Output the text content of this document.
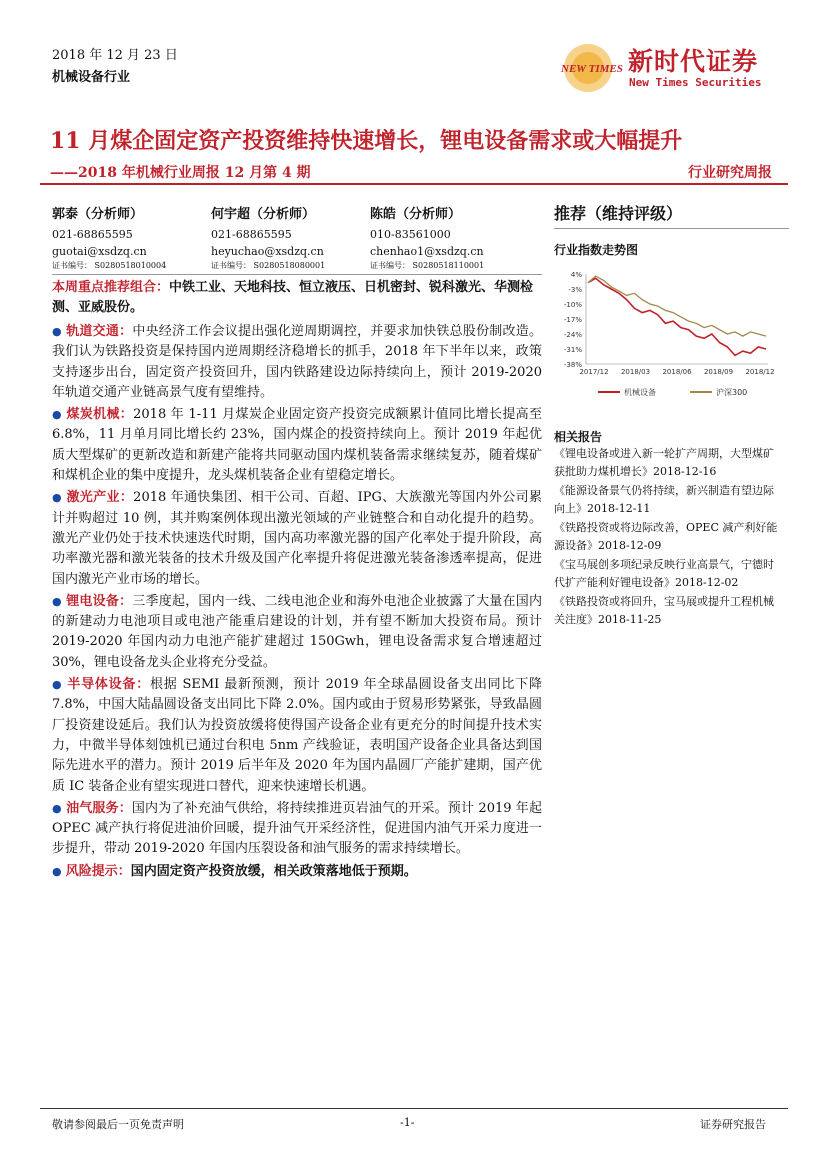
2018 年 12 月 23 日
机械设备行业
NEW TIMES 新时代证券
New Times Securities
11 月煤企固定资产投资维持快速增长，锂电设备需求或大幅提升
——2018 年机械行业周报 12 月第 4 期	行业研究周报
郭泰（分析师）
021-68865595
guotai@xsdzq.cn
证书编号： S0280518010004
何宇超（分析师）
021-68865595
heyuchao@xsdzq.cn
证书编号： S0280518080001
陈皓（分析师）
010-83561000
chenhao1@xsdzq.cn
证书编号： S0280518110001
本周重点推荐组合：中铁工业、天地科技、恒立液压、日机密封、锐科激光、华测检测、亚威股份。

● 轨道交通：中央经济工作会议提出强化逆周期调控，并要求加快铁总股份制改造。我们认为铁路投资是保持国内逆周期经济稳增长的抓手，2018 年下半年以来，政策支持逐步出台，固定资产投资回升，国内铁路建设边际持续向上，预计 2019-2020 年轨道交通产业链高景气度有望维持。

● 煤炭机械：2018 年 1-11 月煤炭企业固定资产投资完成额累计值同比增长提高至 6.8%，11 月单月同比增长约 23%，国内煤企的投资持续向上。预计 2019 年起优质大型煤矿的更新改造和新建产能将共同驱动国内煤机装备需求继续复苏，随着煤矿和煤机企业的集中度提升，龙头煤机装备企业有望稳定增长。

● 激光产业：2018 年通快集团、相干公司、百超、IPG、大族激光等国内外公司累计并购超过 10 例，其并购案例体现出激光领域的产业链整合和自动化提升的趋势。激光产业仍处于技术快速迭代时期，国内高功率激光器的国产化率处于提升阶段，高功率激光器和激光装备的技术升级及国产化率提升将促进激光装备渗透率提高，促进国内激光产业市场的增长。

● 锂电设备：三季度起，国内一线、二线电池企业和海外电池企业披露了大量在国内的新建动力电池项目或电池产能重启建设的计划，并有望不断加大投资布局。预计 2019-2020 年国内动力电池产能扩建超过 150Gwh，锂电设备需求复合增速超过 30%，锂电设备龙头企业将充分受益。

● 半导体设备：根据 SEMI 最新预测，预计 2019 年全球晶圆设备支出同比下降 7.8%，中国大陆晶圆设备支出同比下降 2.0%。国内或由于贸易形势紧张，导致晶圆厂投资建设延后。我们认为投资放缓将使得国产设备企业有更充分的时间提升技术实力，中微半导体刻蚀机已通过台积电 5nm 产线验证，表明国产设备企业具备达到国际先进水平的潜力。预计 2019 后半年及 2020 年为国内晶圆厂产能扩建期，国产优质 IC 装备企业有望实现进口替代，迎来快速增长机遇。

● 油气服务：国内为了补充油气供给，将持续推进页岩油气的开采。预计 2019 年起 OPEC 减产执行将促进油价回暖，提升油气开采经济性，促进国内油气开采力度进一步提升，带动 2019-2020 年国内压裂设备和油气服务的需求持续增长。

● 风险提示：国内固定资产投资放缓，相关政策落地低于预期。

推荐（维持评级）
行业指数走势图
4%
-3%
-10%
-17%
-24%
-31%
-38%
2017/12 2018/03 2018/06 2018/09 2018/12
机械设备	沪深300
相关报告
《锂电设备或进入新一轮扩产周期，大型煤矿获批助力煤机增长》2018-12-16
《能源设备景气仍将持续，新兴制造有望边际向上》2018-12-11
《铁路投资或将边际改善，OPEC 减产利好能源设备》2018-12-09
《宝马展创多项纪录反映行业高景气，宁德时代扩产能利好锂电设备》2018-12-02
《铁路投资或将回升，宝马展或提升工程机械关注度》2018-11-25
敬请参阅最后一页免责声明	-1-	证券研究报告
